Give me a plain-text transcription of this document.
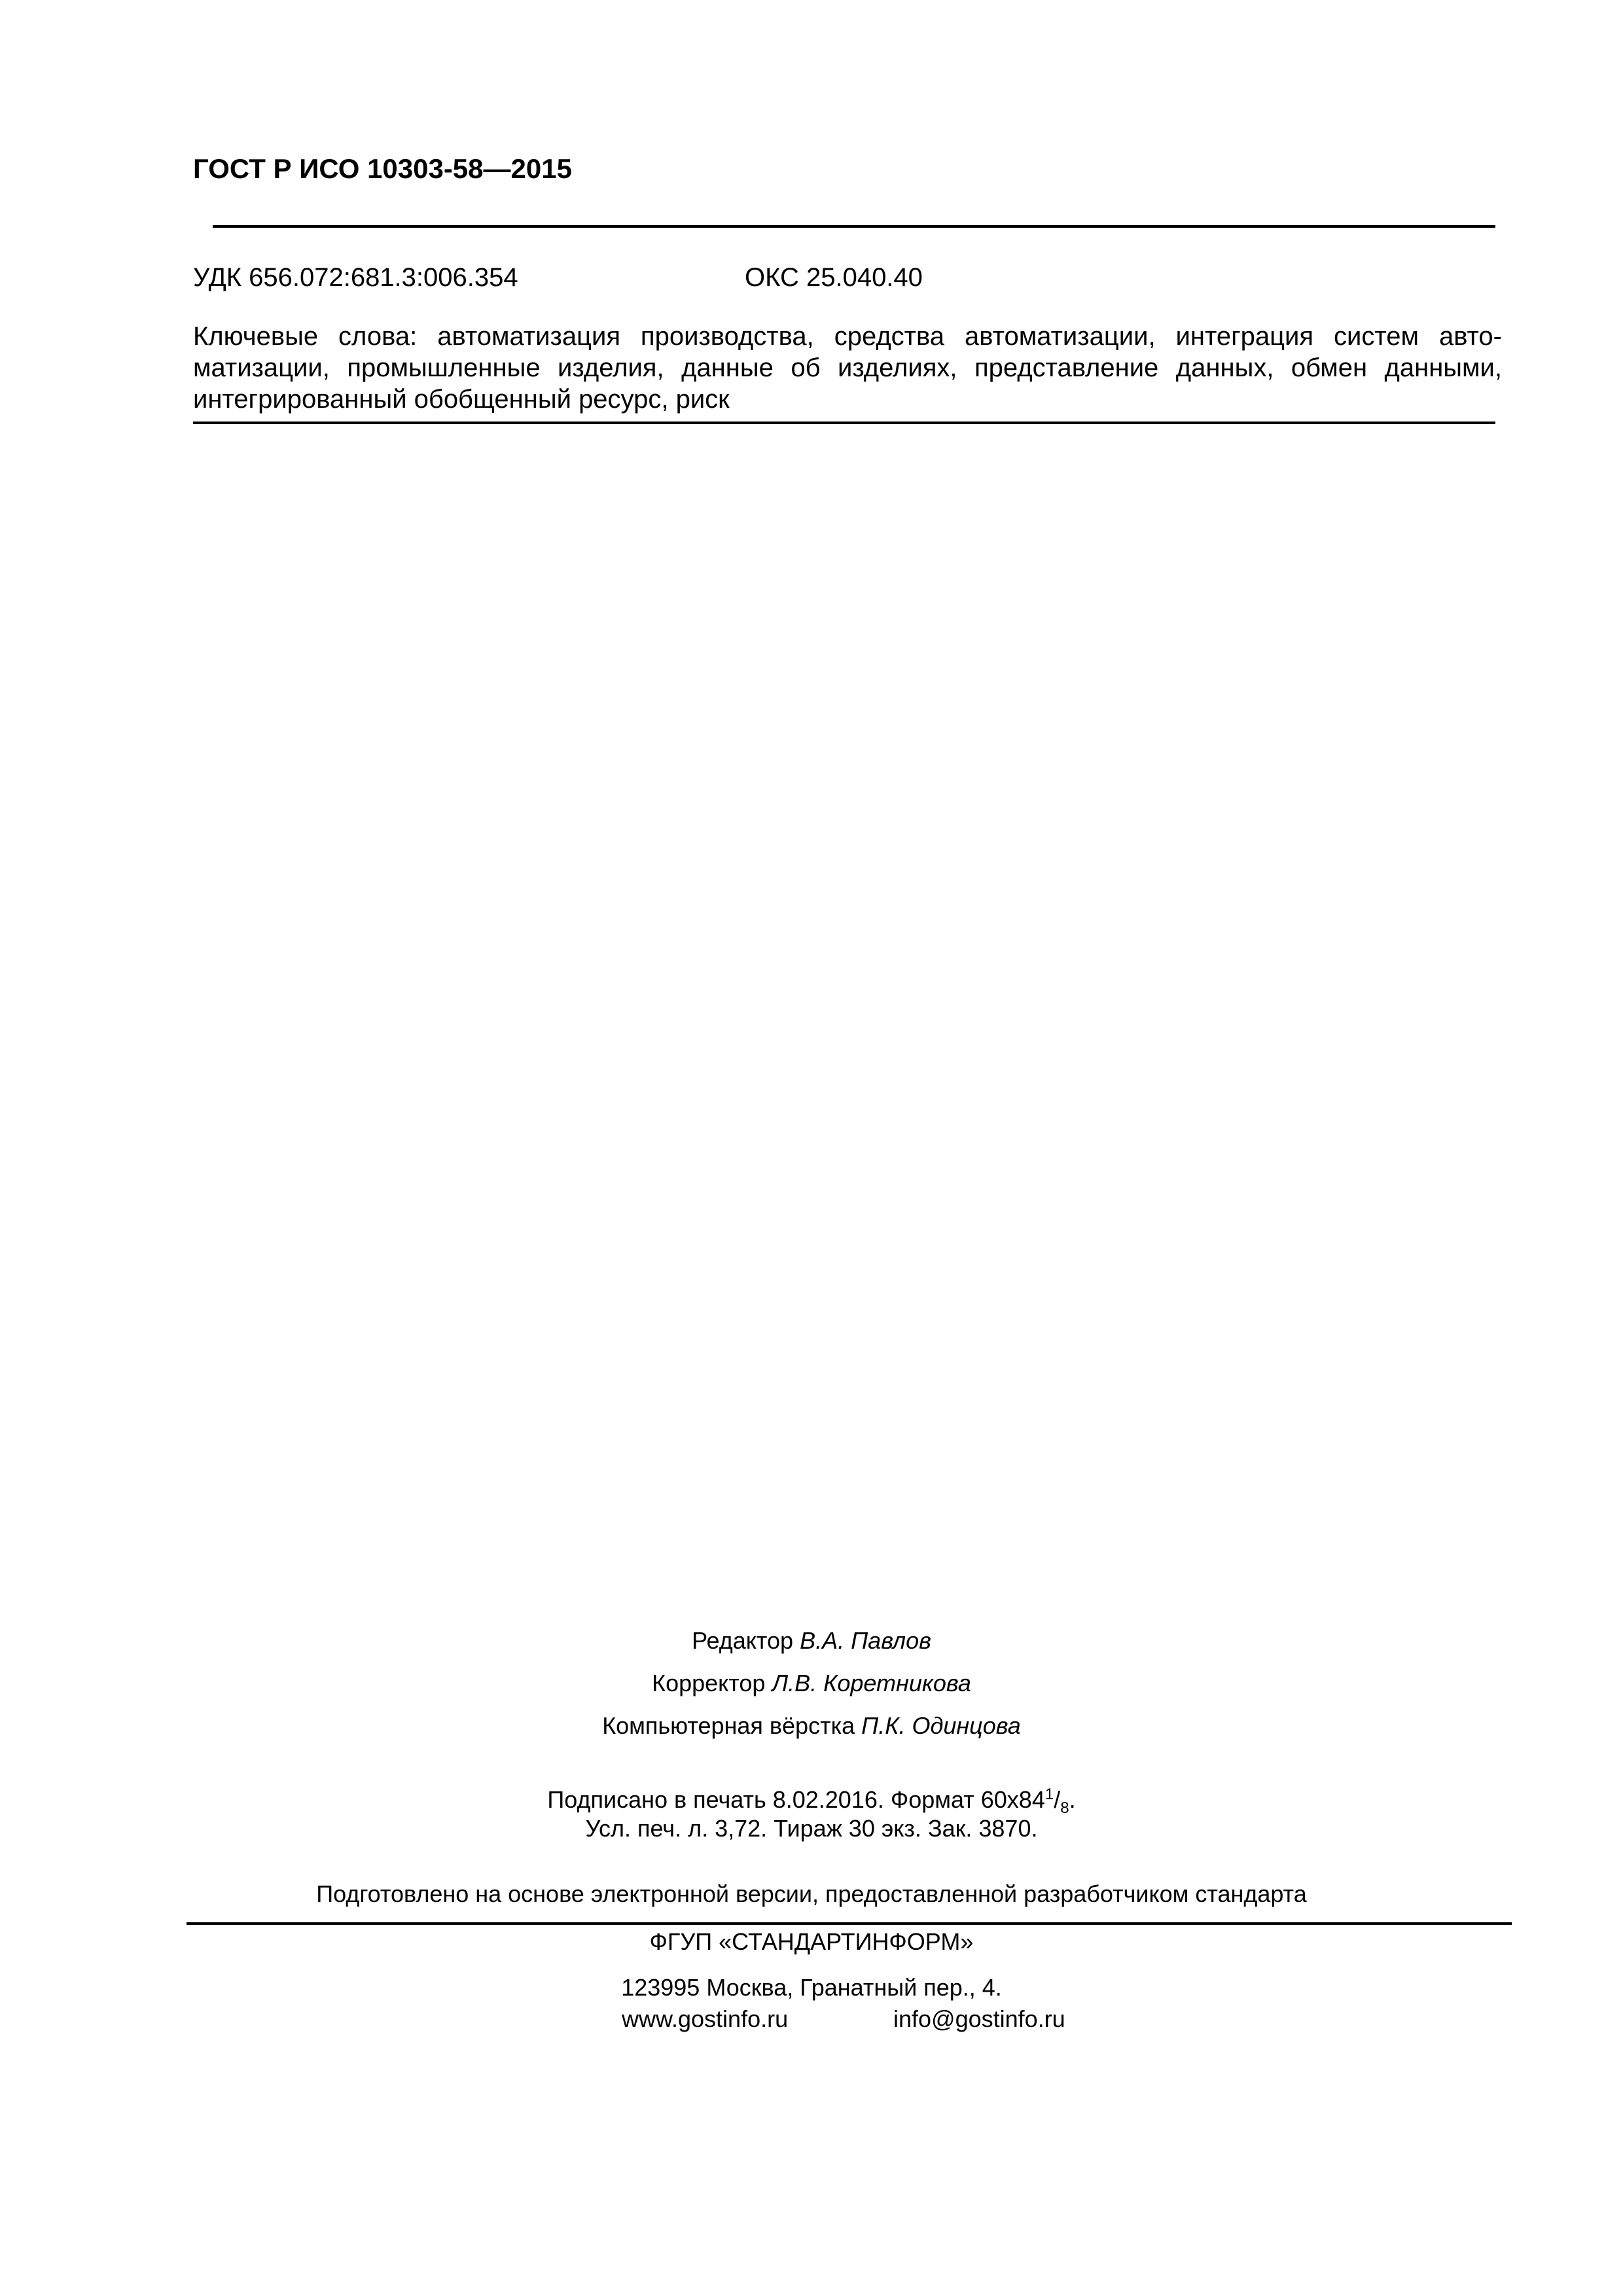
ГОСТ Р ИСО 10303-58—2015
УДК 656.072:681.3:006.354	ОКС 25.040.40
Ключевые слова: автоматизация производства, средства автоматизации, интеграция систем авто-
матизации, промышленные изделия, данные об изделиях, представление данных, обмен данными,
интегрированный обобщенный ресурс, риск
Редактор В.А. Павлов
Корректор Л.В. Коретникова
Компьютерная вёрстка П.К. Одинцова
Подписано в печать 8.02.2016. Формат $60x84^1/_8$.
Усл. печ. л. 3,72. Тираж 30 экз. Зак. 3870.
Подготовлено на основе электронной версии, предоставленной разработчиком стандарта
ФГУП «СТАНДАРТИНФОРМ»
123995 Москва, Гранатный пер., 4.
www.gostinfo.ru	info@gostinfo.ru
